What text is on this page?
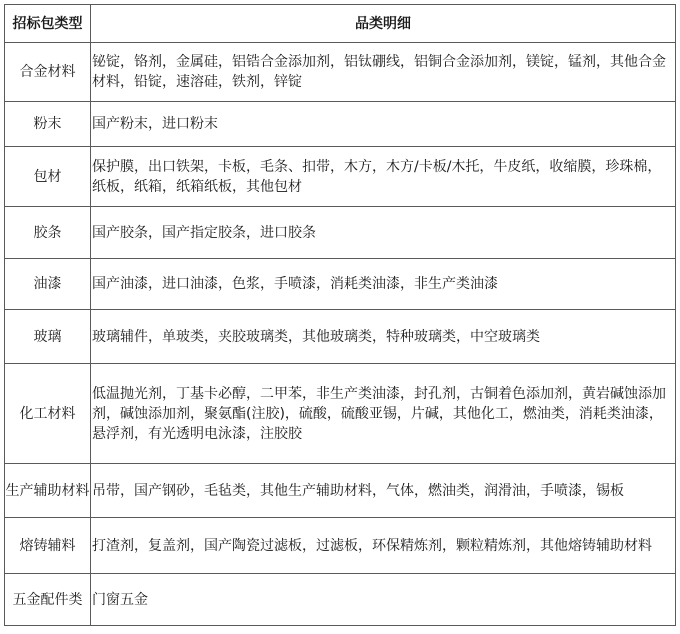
招标包类型	品类明细
合金材料	铋锭，铬剂，金属硅，铝锆合金添加剂，铝钛硼线，铝铜合金添加剂，镁锭，锰剂，其他合金材料，铅锭，速溶硅，铁剂，锌锭
粉末	国产粉末，进口粉末
包材	保护膜，出口铁架，卡板，毛条、扣带，木方，木方/卡板/木托，牛皮纸，收缩膜，珍珠棉，纸板，纸箱，纸箱纸板，其他包材
胶条	国产胶条，国产指定胶条，进口胶条
油漆	国产油漆，进口油漆，色浆，手喷漆，消耗类油漆，非生产类油漆
玻璃	玻璃辅件，单玻类，夹胶玻璃类，其他玻璃类，特种玻璃类，中空玻璃类
化工材料	低温抛光剂，丁基卡必醇，二甲苯，非生产类油漆，封孔剂，古铜着色添加剂，黄岩碱蚀添加剂，碱蚀添加剂，聚氨酯(注胶)，硫酸，硫酸亚锡，片碱，其他化工，燃油类，消耗类油漆，悬浮剂，有光透明电泳漆，注胶胶
生产辅助材料	吊带，国产钢砂，毛毡类，其他生产辅助材料，气体，燃油类，润滑油，手喷漆，锡板
熔铸辅料	打渣剂，复盖剂，国产陶瓷过滤板，过滤板，环保精炼剂，颗粒精炼剂，其他熔铸辅助材料
五金配件类	门窗五金
